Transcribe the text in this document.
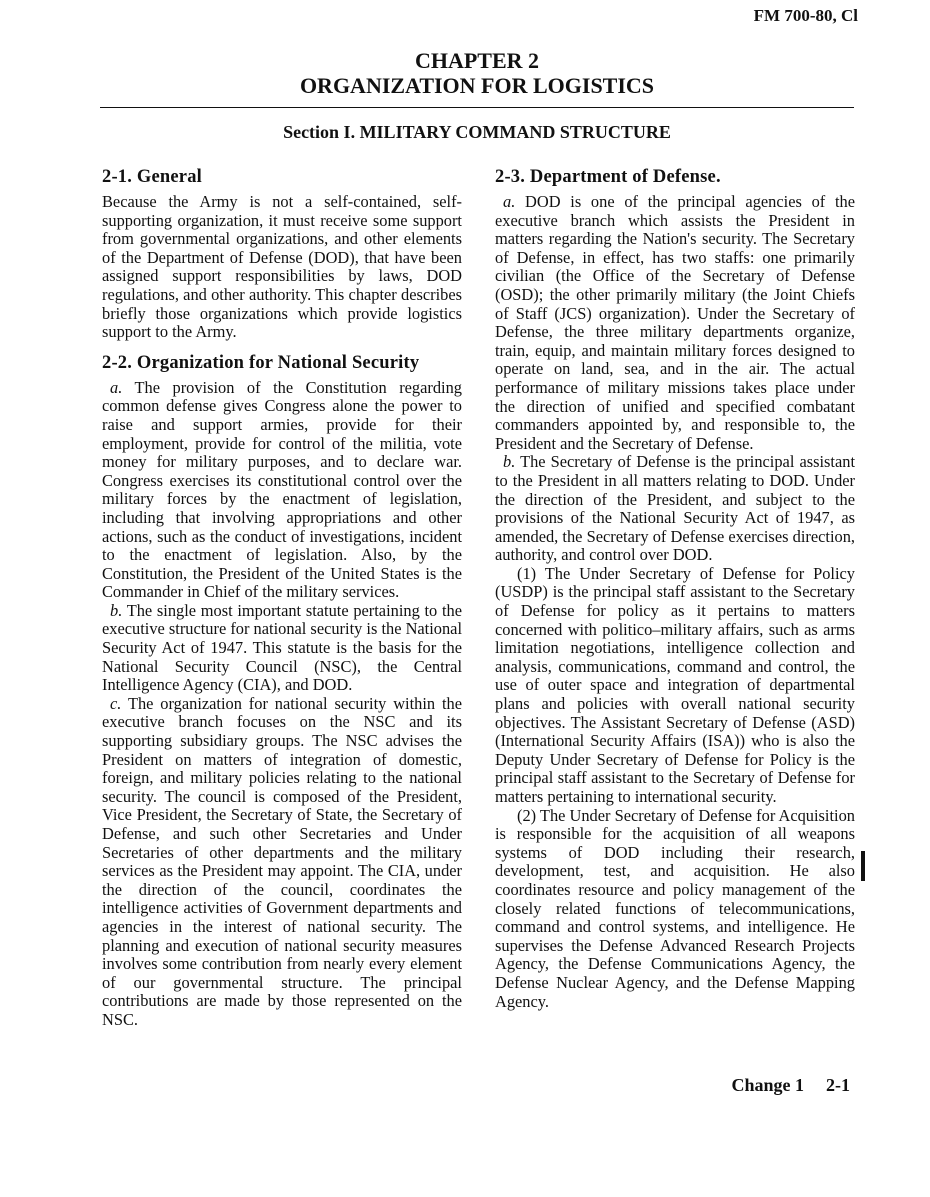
FM 700-80, Cl
CHAPTER 2
ORGANIZATION FOR LOGISTICS
Section I. MILITARY COMMAND STRUCTURE
2-1. General

Because the Army is not a self-contained, self-supporting organization, it must receive some support from governmental organizations, and other elements of the Department of Defense (DOD), that have been assigned support responsibilities by laws, DOD regulations, and other authority. This chapter describes briefly those organizations which provide logistics support to the Army.

2-2. Organization for National Security

a. The provision of the Constitution regarding common defense gives Congress alone the power to raise and support armies, provide for their employment, provide for control of the militia, vote money for military purposes, and to declare war. Congress exercises its constitutional control over the military forces by the enactment of legislation, including that involving appropriations and other actions, such as the conduct of investigations, incident to the enactment of legislation. Also, by the Constitution, the President of the United States is the Commander in Chief of the military services.

b. The single most important statute pertaining to the executive structure for national security is the National Security Act of 1947. This statute is the basis for the National Security Council (NSC), the Central Intelligence Agency (CIA), and DOD.

c. The organization for national security within the executive branch focuses on the NSC and its supporting subsidiary groups. The NSC advises the President on matters of integration of domestic, foreign, and military policies relating to the national security. The council is composed of the President, Vice President, the Secretary of State, the Secretary of Defense, and such other Secretaries and Under Secretaries of other departments and the military services as the President may appoint. The CIA, under the direction of the council, coordinates the intelligence activities of Government departments and agencies in the interest of national security. The planning and execution of national security measures involves some contribution from nearly every element of our governmental structure. The principal contributions are made by those represented on the NSC.

2-3. Department of Defense.

a. DOD is one of the principal agencies of the executive branch which assists the President in matters regarding the Nation's security. The Secretary of Defense, in effect, has two staffs: one primarily civilian (the Office of the Secretary of Defense (OSD); the other primarily military (the Joint Chiefs of Staff (JCS) organization). Under the Secretary of Defense, the three military departments organize, train, equip, and maintain military forces designed to operate on land, sea, and in the air. The actual performance of military missions takes place under the direction of unified and specified combatant commanders appointed by, and responsible to, the President and the Secretary of Defense.

b. The Secretary of Defense is the principal assistant to the President in all matters relating to DOD. Under the direction of the President, and subject to the provisions of the National Security Act of 1947, as amended, the Secretary of Defense exercises direction, authority, and control over DOD.

(1) The Under Secretary of Defense for Policy (USDP) is the principal staff assistant to the Secretary of Defense for policy as it pertains to matters concerned with politico–military affairs, such as arms limitation negotiations, intelligence collection and analysis, communications, command and control, the use of outer space and integration of departmental plans and policies with overall national security objectives. The Assistant Secretary of Defense (ASD) (International Security Affairs (ISA)) who is also the Deputy Under Secretary of Defense for Policy is the principal staff assistant to the Secretary of Defense for matters pertaining to international security.

(2) The Under Secretary of Defense for Acquisition is responsible for the acquisition of all weapons systems of DOD including their research, development, test, and acquisition. He also coordinates resource and policy management of the closely related functions of telecommunications, command and control systems, and intelligence. He supervises the Defense Advanced Research Projects Agency, the Defense Communications Agency, the Defense Nuclear Agency, and the Defense Mapping Agency.

Change 1 2-1
